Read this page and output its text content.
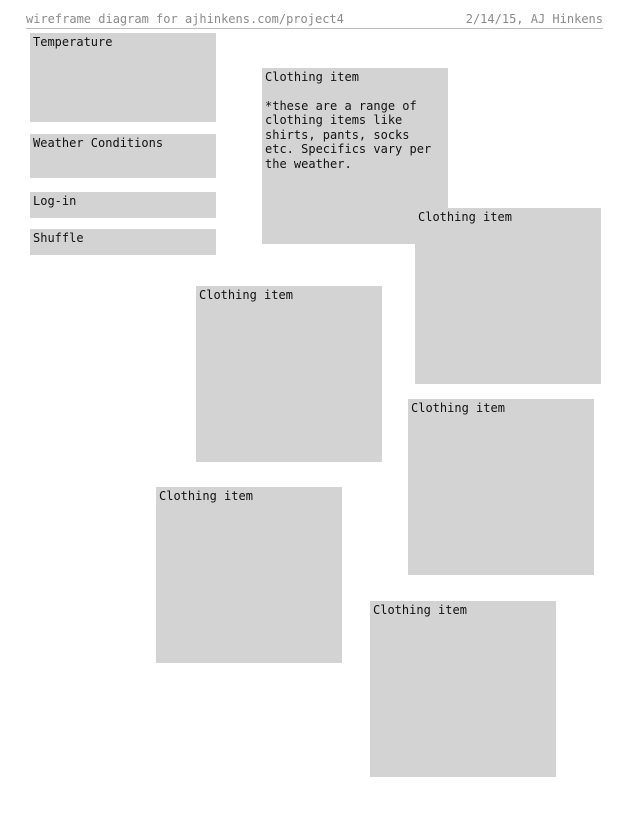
wireframe diagram for ajhinkens.com/project4	2/14/15, AJ Hinkens
Temperature
Weather Conditions
Log-in
Shuffle
Clothing item
*these are a range of clothing items like shirts, pants, socks etc. Specifics vary per the weather.
Clothing item
Clothing item
Clothing item
Clothing item
Clothing item
